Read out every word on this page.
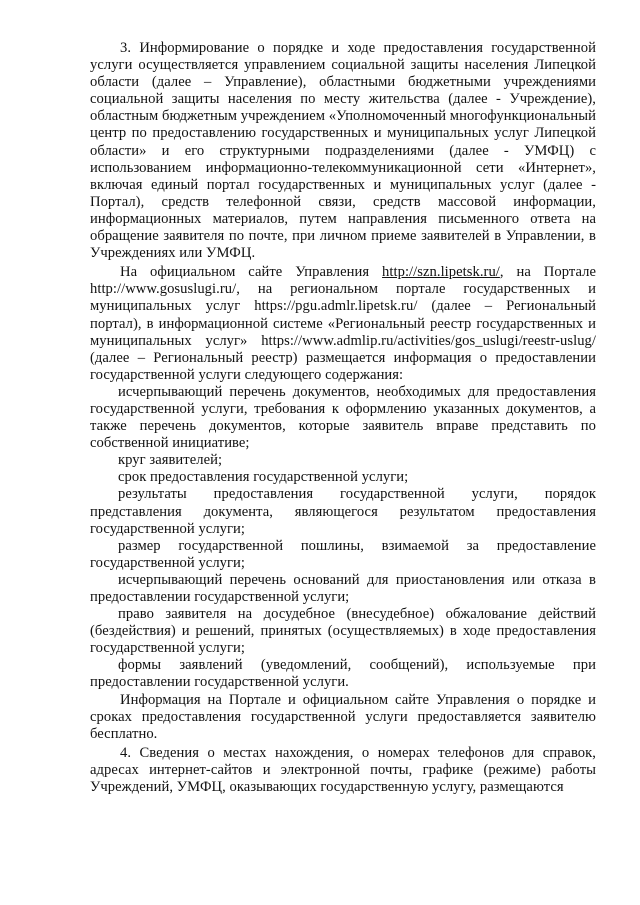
3. Информирование о порядке и ходе предоставления государственной услуги осуществляется управлением социальной защиты населения Липецкой области (далее – Управление), областными бюджетными учреждениями социальной защиты населения по месту жительства (далее - Учреждение), областным бюджетным учреждением «Уполномоченный многофункциональный центр по предоставлению государственных и муниципальных услуг Липецкой области» и его структурными подразделениями (далее - УМФЦ) с использованием информационно-телекоммуникационной сети «Интернет», включая единый портал государственных и муниципальных услуг (далее - Портал), средств телефонной связи, средств массовой информации, информационных материалов, путем направления письменного ответа на обращение заявителя по почте, при личном приеме заявителей в Управлении, в Учреждениях или УМФЦ.

На официальном сайте Управления http://szn.lipetsk.ru/, на Портале http://www.gosuslugi.ru/, на региональном портале государственных и муниципальных услуг https://pgu.admlr.lipetsk.ru/ (далее – Региональный портал), в информационной системе «Региональный реестр государственных и муниципальных услуг» https://www.admlip.ru/activities/gos_uslugi/reestr-uslug/ (далее – Региональный реестр) размещается информация о предоставлении государственной услуги следующего содержания:

исчерпывающий перечень документов, необходимых для предоставления государственной услуги, требования к оформлению указанных документов, а также перечень документов, которые заявитель вправе представить по собственной инициативе;

круг заявителей;

срок предоставления государственной услуги;

результаты предоставления государственной услуги, порядок представления документа, являющегося результатом предоставления государственной услуги;

размер государственной пошлины, взимаемой за предоставление государственной услуги;

исчерпывающий перечень оснований для приостановления или отказа в предоставлении государственной услуги;

право заявителя на досудебное (внесудебное) обжалование действий (бездействия) и решений, принятых (осуществляемых) в ходе предоставления государственной услуги;

формы заявлений (уведомлений, сообщений), используемые при предоставлении государственной услуги.

Информация на Портале и официальном сайте Управления о порядке и сроках предоставления государственной услуги предоставляется заявителю бесплатно.

4. Сведения о местах нахождения, о номерах телефонов для справок, адресах интернет-сайтов и электронной почты, графике (режиме) работы Учреждений, УМФЦ, оказывающих государственную услугу, размещаются
